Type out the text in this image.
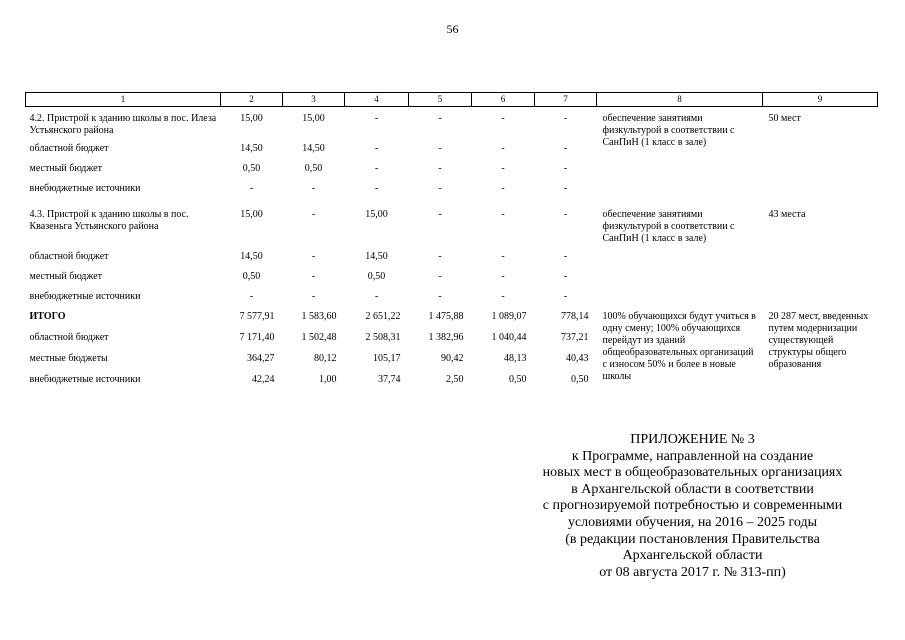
56
1	2	3	4	5	6	7	8	9

4.2. Пристрой к зданию школы в пос. Илеза Устьянского района	15,00	15,00	-	-	-	-	обеспечение занятиями физкультурой в соответствии с СанПиН (1 класс в зале)	50 мест
областной бюджет	14,50	14,50	-	-	-	-		
местный бюджет	0,50	0,50	-	-	-	-		
внебюджетные источники	-	-	-	-	-	-		

4.3. Пристрой к зданию школы в пос. Квазеньга Устьянского района	15,00	-	15,00	-	-	-	обеспечение занятиями физкультурой в соответствии с СанПиН (1 класс в зале)	43 места
областной бюджет	14,50	-	14,50	-	-	-		
местный бюджет	0,50	-	0,50	-	-	-		
внебюджетные источники	-	-	-	-	-	-		
ИТОГО	7 577,91	1 583,60	2 651,22	1 475,88	1 089,07	778,14	100% обучающихся будут учиться в одну смену; 100% обучающихся перейдут из зданий общеобразовательных организаций с износом 50% и более в новые школы	20 287 мест, введенных путем модернизации существующей структуры общего образования
областной бюджет	7 171,40	1 502,48	2 508,31	1 382,96	1 040,44	737,21		
местные бюджеты	364,27	80,12	105,17	90,42	48,13	40,43		
внебюджетные источники	42,24	1,00	37,74	2,50	0,50	0,50		
ПРИЛОЖЕНИЕ № 3
к Программе, направленной на создание
новых мест в общеобразовательных организациях
в Архангельской области в соответствии
с прогнозируемой потребностью и современными
условиями обучения, на 2016 – 2025 годы
(в редакции постановления Правительства
Архангельской области
от 08 августа 2017 г. № 313-пп)
